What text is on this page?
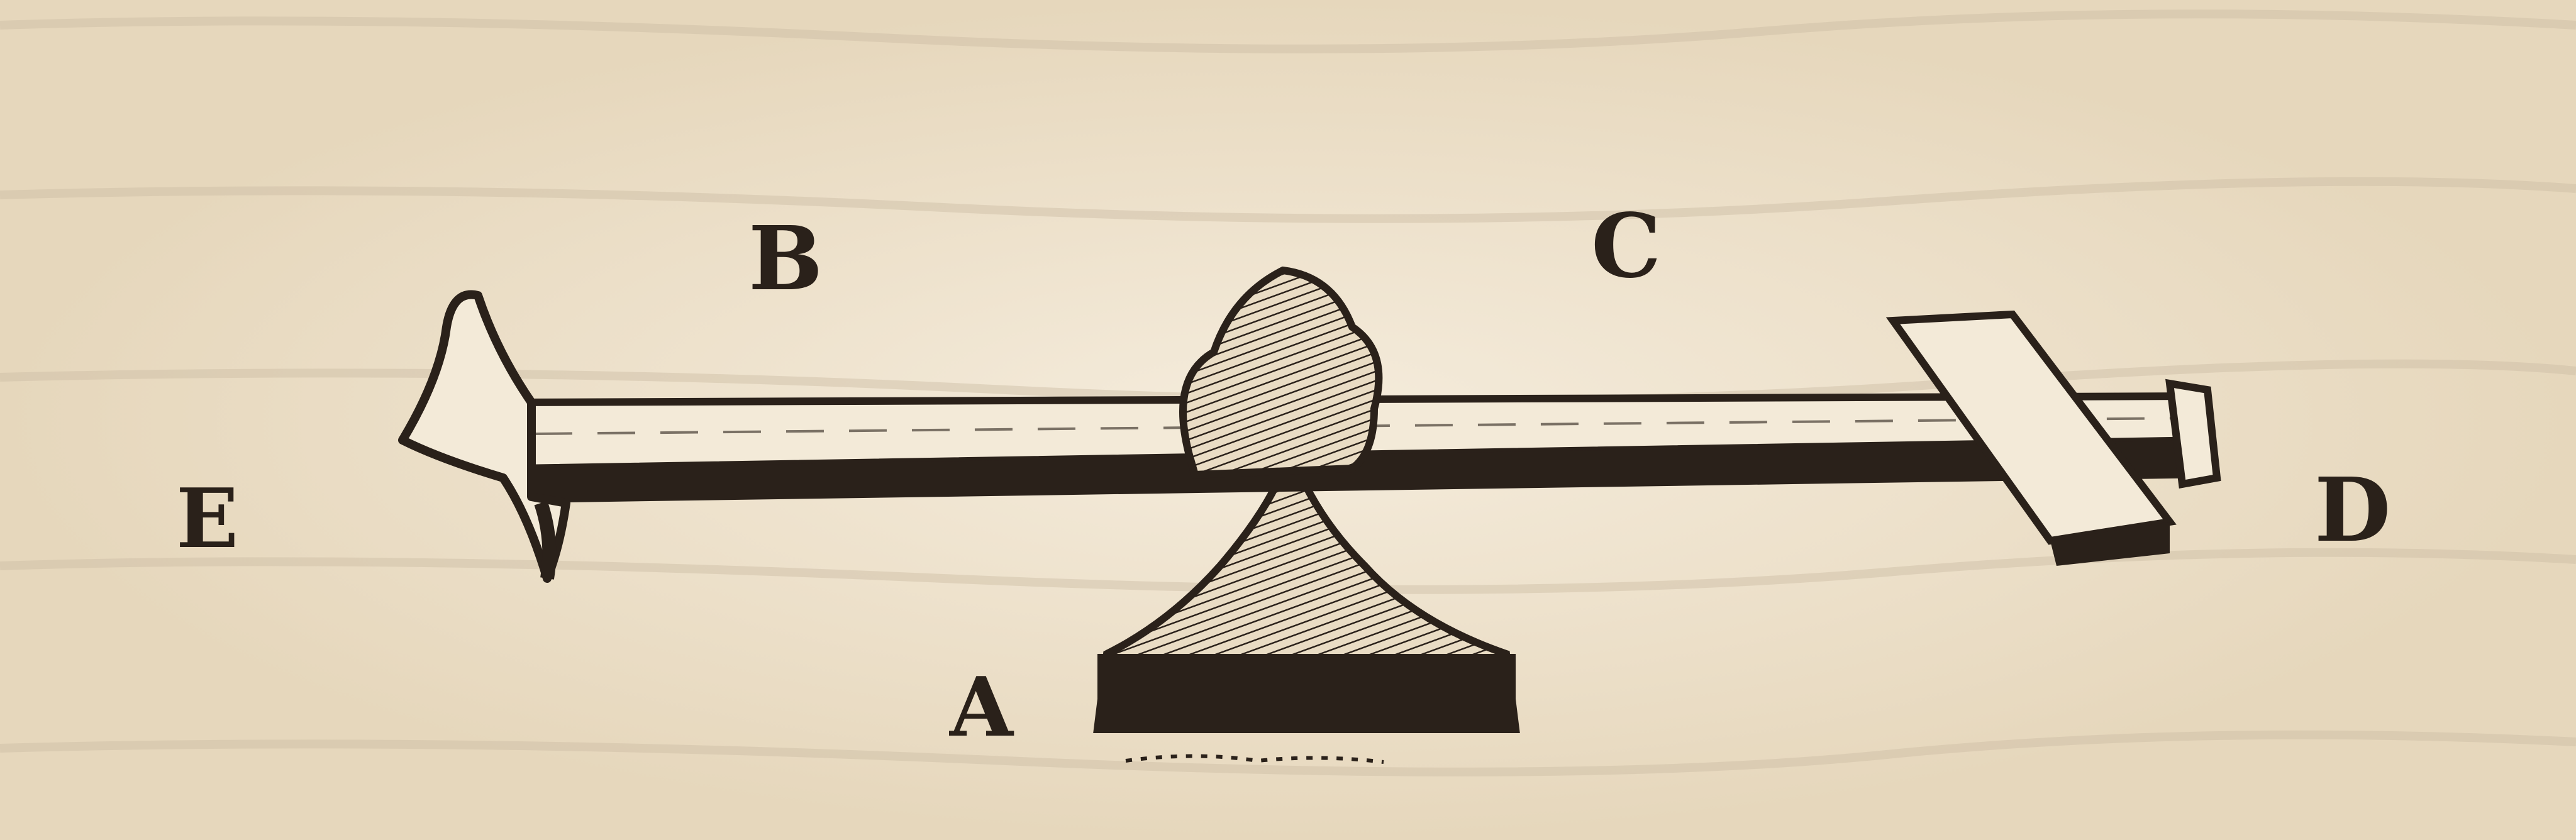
E
B	C
D
A
